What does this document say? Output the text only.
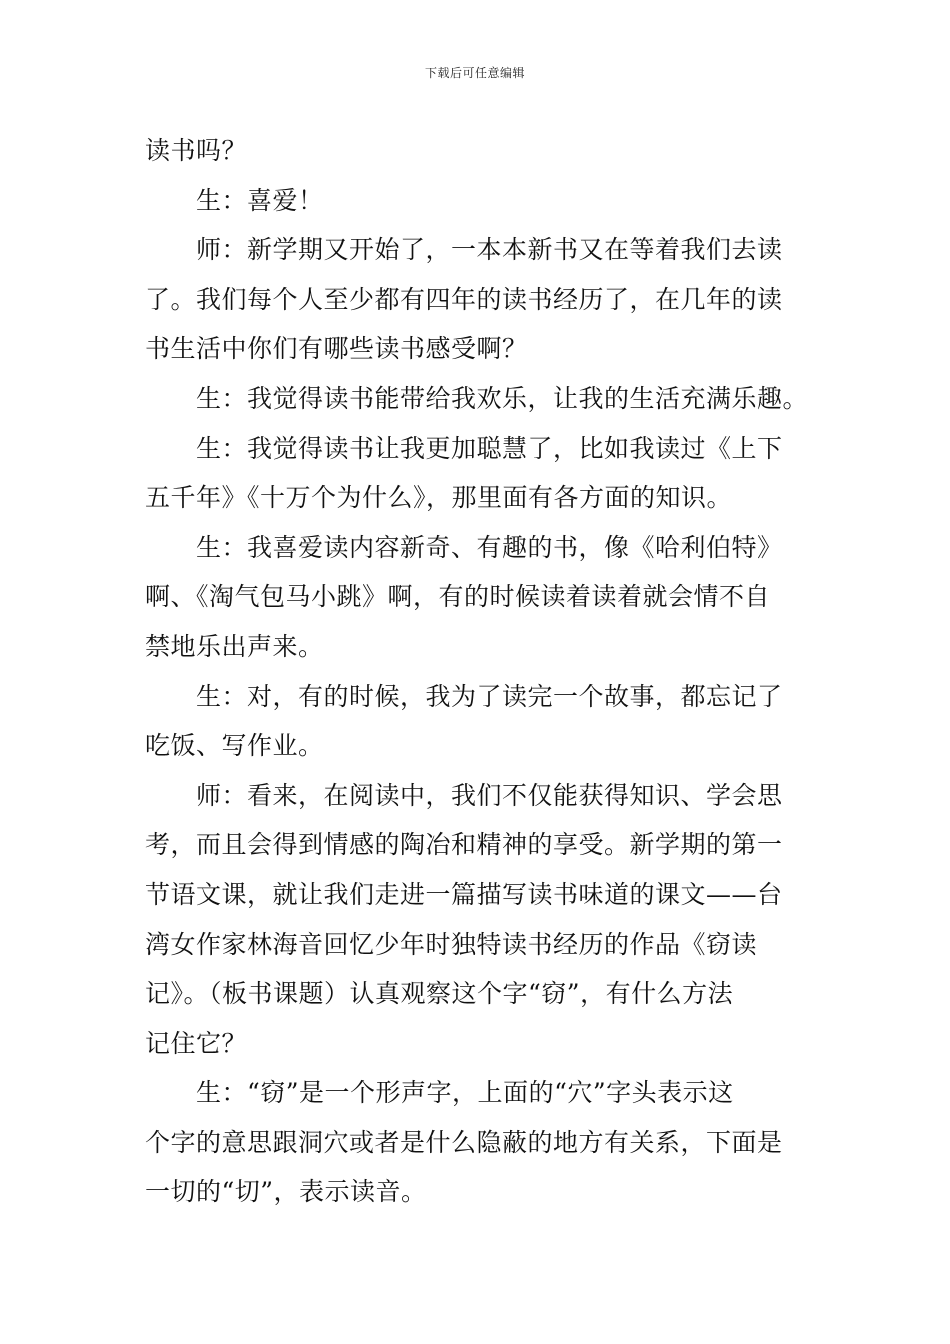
下载后可任意编辑
读书吗？
生：喜爱！
师：新学期又开始了，一本本新书又在等着我们去读
了。我们每个人至少都有四年的读书经历了，在几年的读
书生活中你们有哪些读书感受啊？
生：我觉得读书能带给我欢乐，让我的生活充满乐趣。
生：我觉得读书让我更加聪慧了，比如我读过《上下
五千年》《十万个为什么》，那里面有各方面的知识。
生：我喜爱读内容新奇、有趣的书，像《哈利伯特》
啊、《淘气包马小跳》啊，有的时候读着读着就会情不自
禁地乐出声来。
生：对，有的时候，我为了读完一个故事，都忘记了
吃饭、写作业。
师：看来，在阅读中，我们不仅能获得知识、学会思
考，而且会得到情感的陶冶和精神的享受。新学期的第一
节语文课，就让我们走进一篇描写读书味道的课文——台
湾女作家林海音回忆少年时独特读书经历的作品《窃读
记》。（板书课题）认真观察这个字“窃”，有什么方法
记住它？
生：“窃”是一个形声字，上面的“穴”字头表示这
个字的意思跟洞穴或者是什么隐蔽的地方有关系，下面是
一切的“切”，表示读音。
